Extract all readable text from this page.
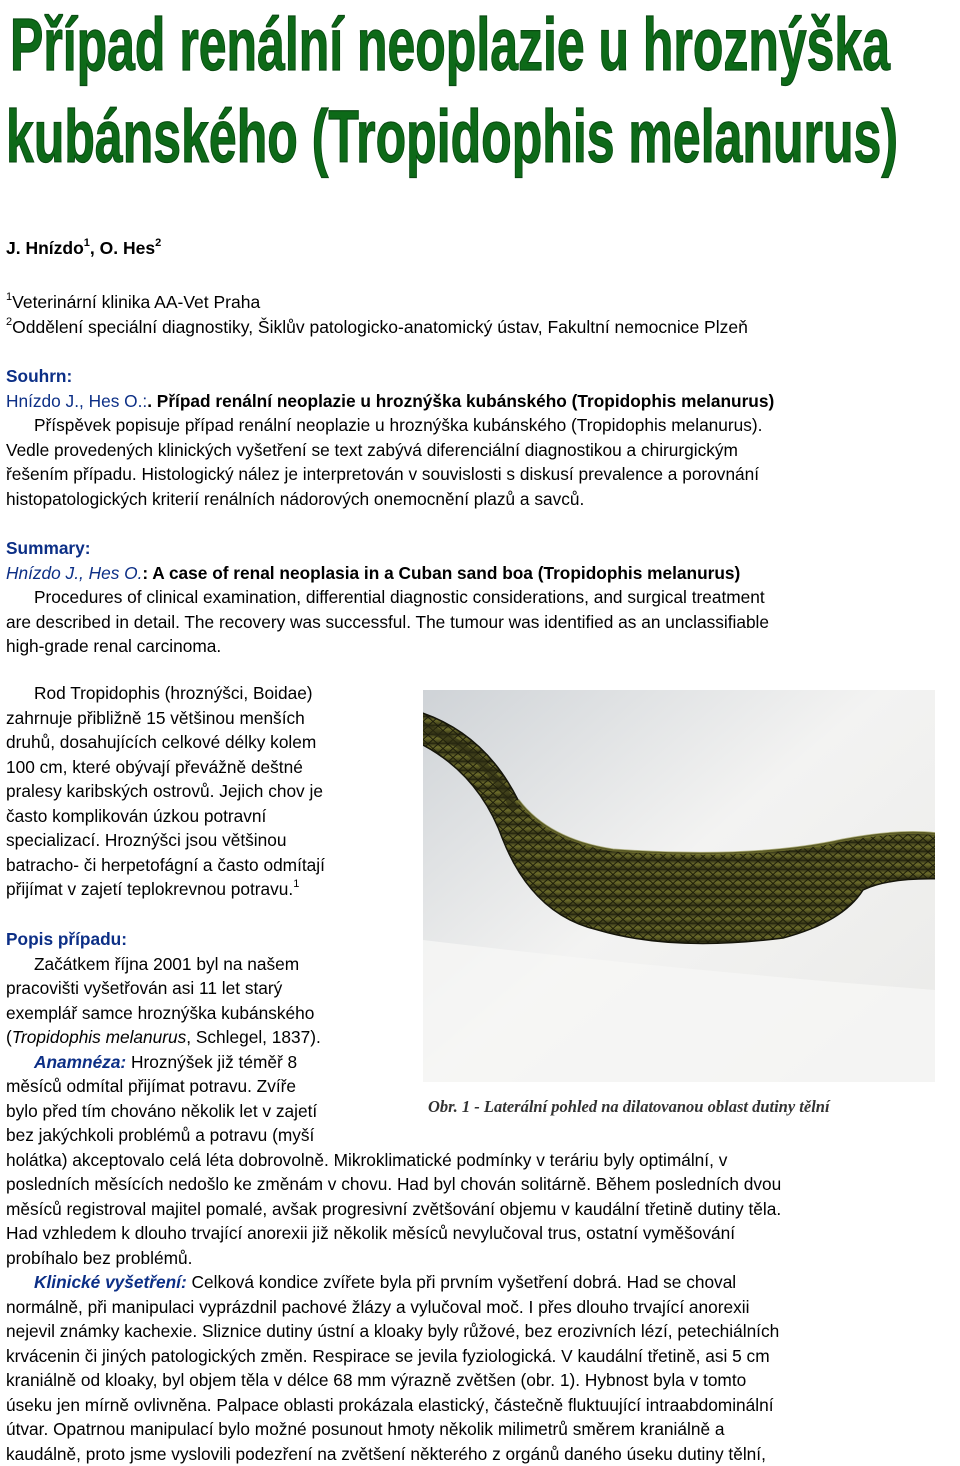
Případ renální neoplazie u hroznýška
kubánského (Tropidophis melanurus)
J. Hnízdo$^1$, O. Hes$^2$
$^1$Veterinární klinika AA-Vet Praha
$^2$Oddělení speciální diagnostiky, Šiklův patologicko-anatomický ústav, Fakultní nemocnice Plzeň
Souhrn:
Hnízdo J., Hes O.:. Případ renální neoplazie u hroznýška kubánského (Tropidophis melanurus)
Příspěvek popisuje případ renální neoplazie u hroznýška kubánského (Tropidophis melanurus).
Vedle provedených klinických vyšetření se text zabývá diferenciální diagnostikou a chirurgickým
řešením případu. Histologický nález je interpretován v souvislosti s diskusí prevalence a porovnání
histopatologických kriterií renálních nádorových onemocnění plazů a savců.
Summary:
Hnízdo J., Hes O.: A case of renal neoplasia in a Cuban sand boa (Tropidophis melanurus)
Procedures of clinical examination, differential diagnostic considerations, and surgical treatment
are described in detail. The recovery was successful. The tumour was identified as an unclassifiable
high-grade renal carcinoma.
Rod Tropidophis (hroznýšci, Boidae)
zahrnuje přibližně 15 většinou menších
druhů, dosahujících celkové délky kolem
100 cm, které obývají převážně deštné
pralesy karibských ostrovů. Jejich chov je
často komplikován úzkou potravní
specializací. Hroznýšci jsou většinou
batracho- či herpetofágní a často odmítají
přijímat v zajetí teplokrevnou potravu.$^1$
Obr. 1 - Laterální pohled na dilatovanou oblast dutiny tělní
Popis případu:
Začátkem října 2001 byl na našem
pracovišti vyšetřován asi 11 let starý
exemplář samce hroznýška kubánského
(Tropidophis melanurus, Schlegel, 1837).
Anamnéza: Hroznýšek již téměř 8
měsíců odmítal přijímat potravu. Zvíře
bylo před tím chováno několik let v zajetí
bez jakýchkoli problémů a potravu (myší
holátka) akceptovalo celá léta dobrovolně. Mikroklimatické podmínky v teráriu byly optimální, v
posledních měsících nedošlo ke změnám v chovu. Had byl chován solitárně. Během posledních dvou
měsíců registroval majitel pomalé, avšak progresivní zvětšování objemu v kaudální třetině dutiny těla.
Had vzhledem k dlouho trvající anorexii již několik měsíců nevylučoval trus, ostatní vyměšování
probíhalo bez problémů.
Klinické vyšetření: Celková kondice zvířete byla při prvním vyšetření dobrá. Had se choval
normálně, při manipulaci vyprázdnil pachové žlázy a vylučoval moč. I přes dlouho trvající anorexii
nejevil známky kachexie. Sliznice dutiny ústní a kloaky byly růžové, bez erozivních lézí, petechiálních
krvácenin či jiných patologických změn. Respirace se jevila fyziologická. V kaudální třetině, asi 5 cm
kraniálně od kloaky, byl objem těla v délce 68 mm výrazně zvětšen (obr. 1). Hybnost byla v tomto
úseku jen mírně ovlivněna. Palpace oblasti prokázala elastický, částečně fluktuující intraabdominální
útvar. Opatrnou manipulací bylo možné posunout hmoty několik milimetrů směrem kraniálně a
kaudálně, proto jsme vyslovili podezření na zvětšení některého z orgánů daného úseku dutiny tělní,
